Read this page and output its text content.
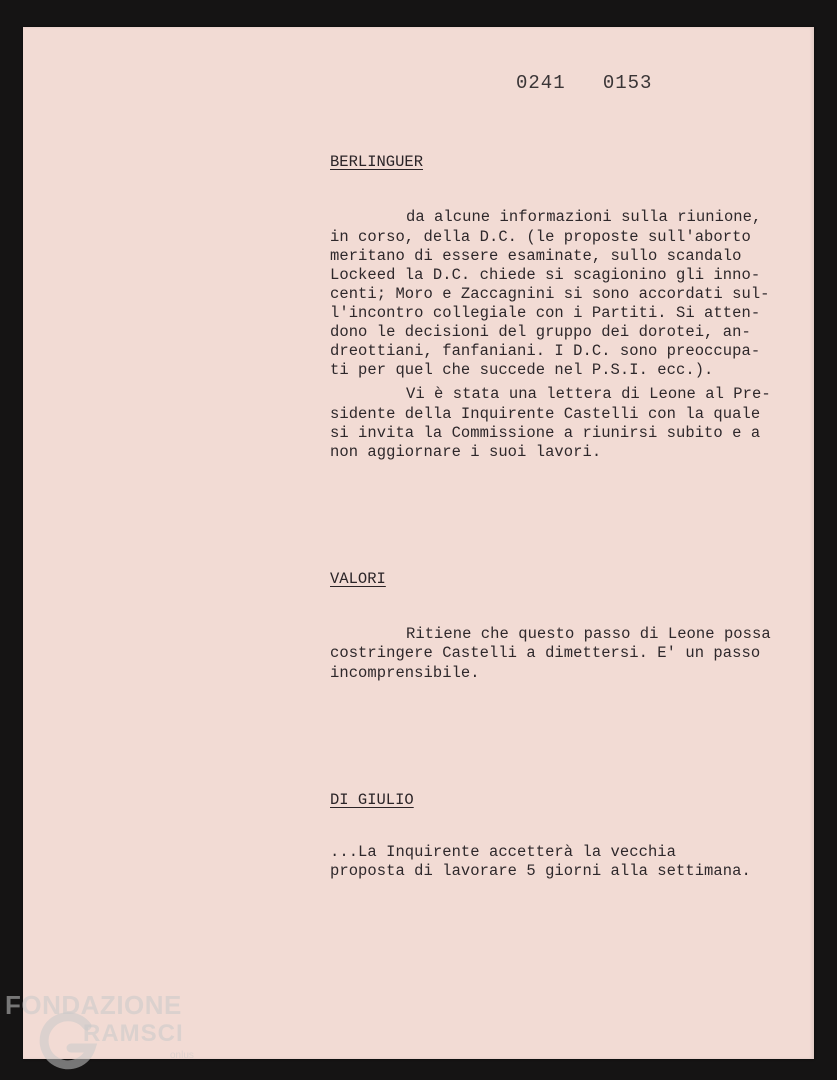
0241   0153
BERLINGUER
da alcune informazioni sulla riunione,
in corso, della D.C. (le proposte sull'aborto
meritano di essere esaminate, sullo scandalo
Lockeed la D.C. chiede si scagionino gli inno-
centi; Moro e Zaccagnini si sono accordati sul-
l'incontro collegiale con i Partiti. Si atten-
dono le decisioni del gruppo dei dorotei, an-
dreottiani, fanfaniani. I D.C. sono preoccupa-
ti per quel che succede nel P.S.I. ecc.).
Vi è stata una lettera di Leone al Pre-
sidente della Inquirente Castelli con la quale
si invita la Commissione a riunirsi subito e a
non aggiornare i suoi lavori.
VALORI
Ritiene che questo passo di Leone possa
costringere Castelli a dimettersi. E' un passo
incomprensibile.
DI GIULIO
...La Inquirente accetterà la vecchia
proposta di lavorare 5 giorni alla settimana.
FONDAZIONE
RAMSCI
onlus
